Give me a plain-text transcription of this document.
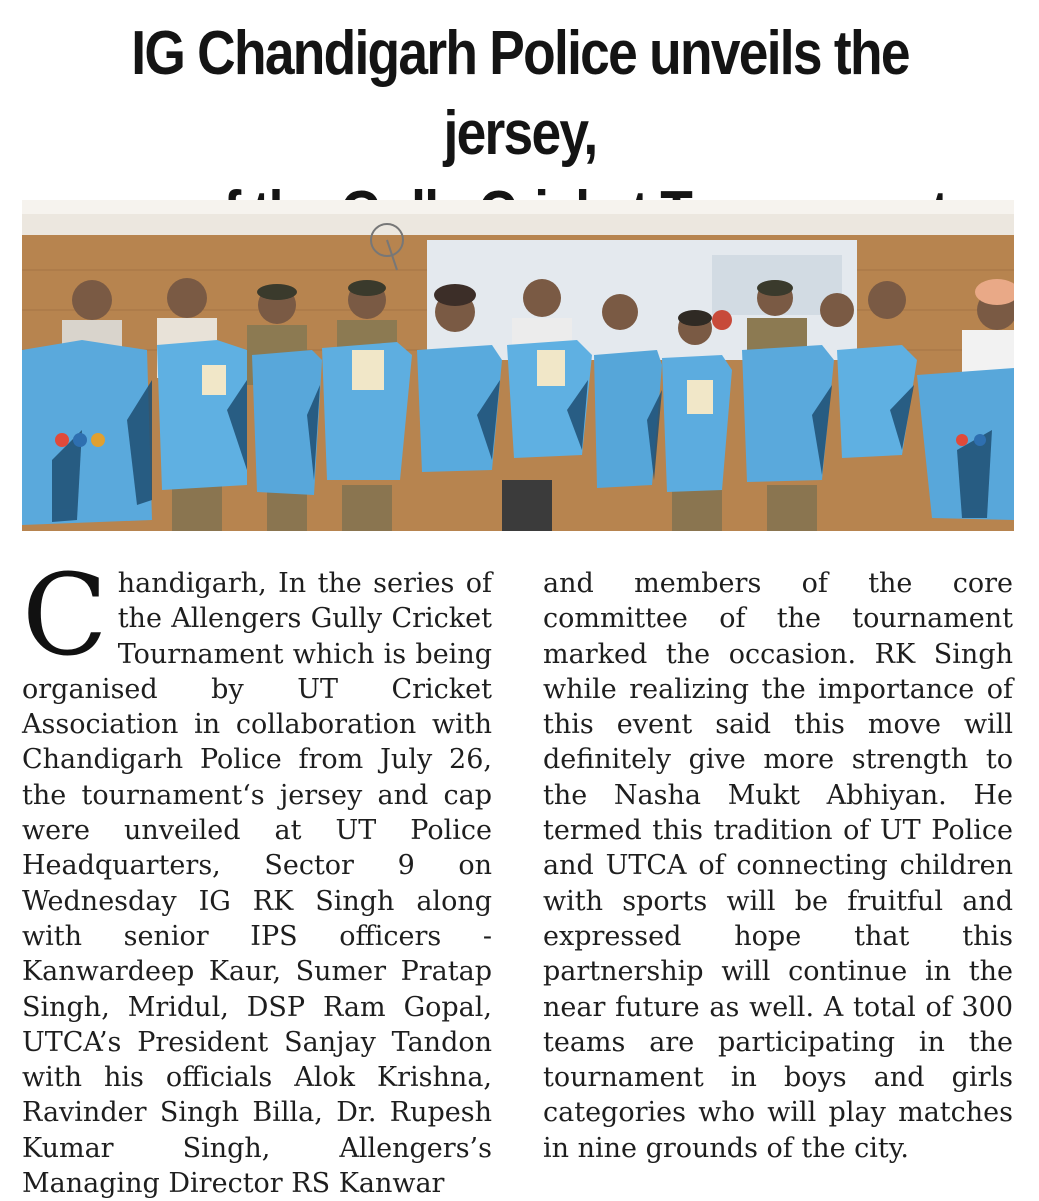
IG Chandigarh Police unveils the jersey,

C handigarh, In the series of the Allengers Gully Cricket Tournament which is being organised by UT Cricket Association in collaboration with Chandigarh Police from July 26, the tournament‘s jersey and cap were unveiled at UT Police Headquarters, Sector 9 on Wednesday IG RK Singh along with senior IPS officers - Kanwardeep Kaur, Sumer Pratap Singh, Mridul, DSP Ram Gopal, UTCA’s President Sanjay Tandon with his officials Alok Krishna, Ravinder Singh Billa, Dr. Rupesh Kumar Singh, Allengers’s Managing Director RS Kanwar

and members of the core committee of the tournament marked the occasion. RK Singh while realizing the importance of this event said this move will definitely give more strength to the Nasha Mukt Abhiyan. He termed this tradition of UT Police and UTCA of connecting children with sports will be fruitful and expressed hope that this partnership will continue in the near future as well. A total of 300 teams are participating in the tournament in boys and girls categories who will play matches in nine grounds of the city.
